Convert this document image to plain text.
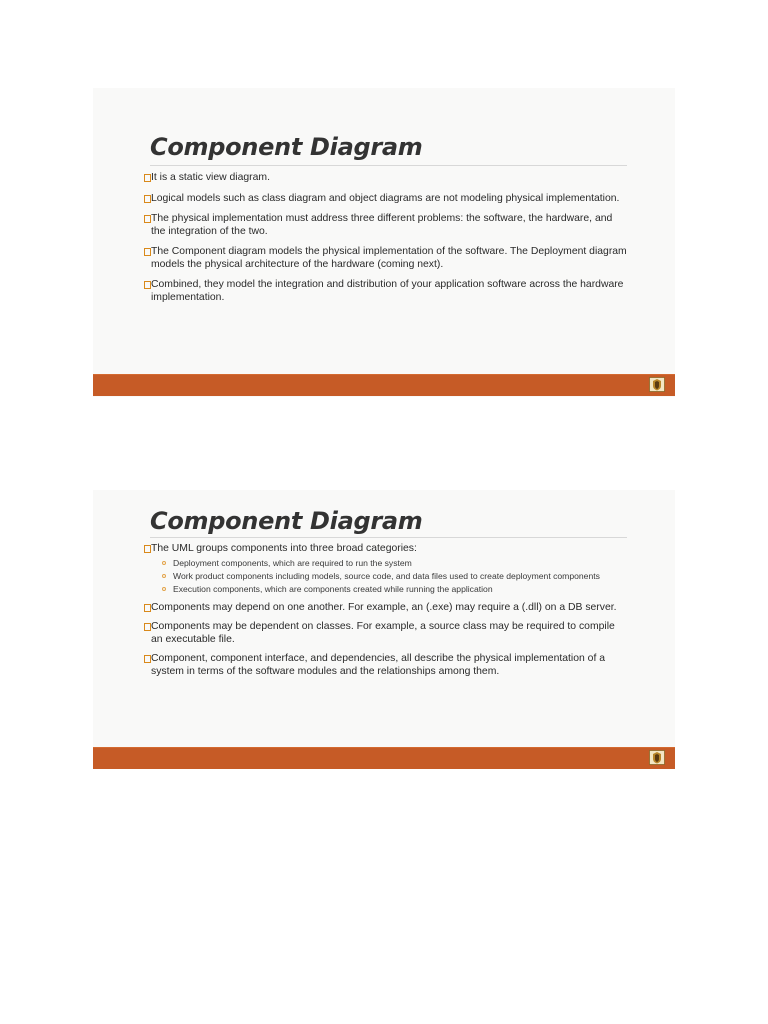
Component Diagram
It is a static view diagram.
Logical models such as class diagram and object diagrams are not modeling physical implementation.
The physical implementation must address three different problems: the software, the hardware, and the integration of the two.
The Component diagram models the physical implementation of the software. The Deployment diagram models the physical architecture of the hardware (coming next).
Combined, they model the integration and distribution of your application software across the hardware implementation.
Component Diagram
The UML groups components into three broad categories:
Deployment components, which are required to run the system
Work product components including models, source code, and data files used to create deployment components
Execution components, which are components created while running the application
Components may depend on one another. For example, an (.exe) may require a (.dll) on a DB server.
Components may be dependent on classes. For example, a source class may be required to compile an executable file.
Component, component interface, and dependencies, all describe the physical implementation of a system in terms of the software modules and the relationships among them.
